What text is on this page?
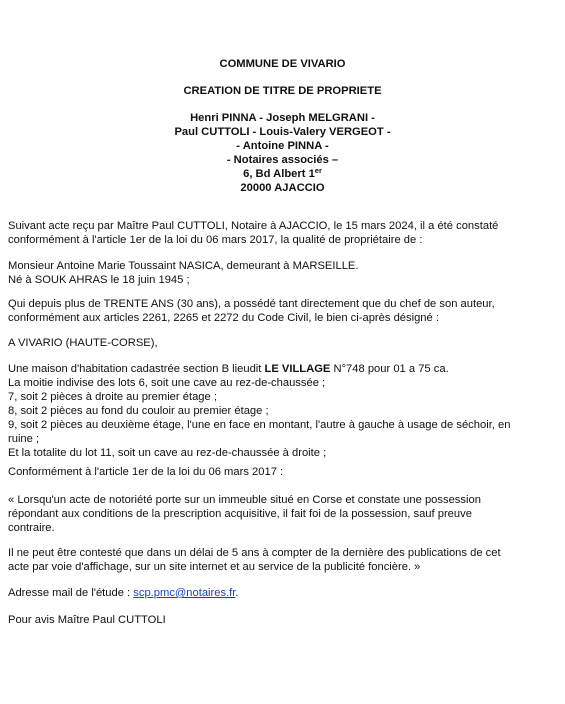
COMMUNE DE VIVARIO
CREATION DE TITRE DE PROPRIETE
Henri PINNA - Joseph MELGRANI -
Paul CUTTOLI - Louis-Valery VERGEOT -
- Antoine PINNA -
- Notaires associés –
6, Bd Albert 1er
20000 AJACCIO
Suivant acte reçu par Maître Paul CUTTOLI, Notaire à AJACCIO, le 15 mars 2024, il a été constaté
conformément à l'article 1er de la loi du 06 mars 2017, la qualité de propriétaire de :
Monsieur Antoine Marie Toussaint NASICA, demeurant à MARSEILLE.
Né à SOUK AHRAS le 18 juin 1945 ;
Qui depuis plus de TRENTE ANS (30 ans), a possédé tant directement que du chef de son auteur,
conformément aux articles 2261, 2265 et 2272 du Code Civil, le bien ci-après désigné :
A VIVARIO (HAUTE-CORSE),
Une maison d'habitation cadastrée section B lieudit LE VILLAGE N°748 pour 01 a 75 ca.
La moitie indivise des lots 6, soit une cave au rez-de-chaussée ;
7, soit 2 pièces à droite au premier étage ;
8, soit 2 pièces au fond du couloir au premier étage ;
9, soit 2 pièces au deuxième étage, l'une en face en montant, l'autre à gauche à usage de séchoir, en
ruine ;
Et la totalite du lot 11, soit un cave au rez-de-chaussée à droite ;
Conformément à l'article 1er de la loi du 06 mars 2017 :
« Lorsqu'un acte de notoriété porte sur un immeuble situé en Corse et constate une possession
répondant aux conditions de la prescription acquisitive, il fait foi de la possession, sauf preuve
contraire.
Il ne peut être contesté que dans un délai de 5 ans à compter de la dernière des publications de cet
acte par voie d'affichage, sur un site internet et au service de la publicité foncière. »
Adresse mail de l'étude : scp.pmc@notaires.fr.
Pour avis Maître Paul CUTTOLI
